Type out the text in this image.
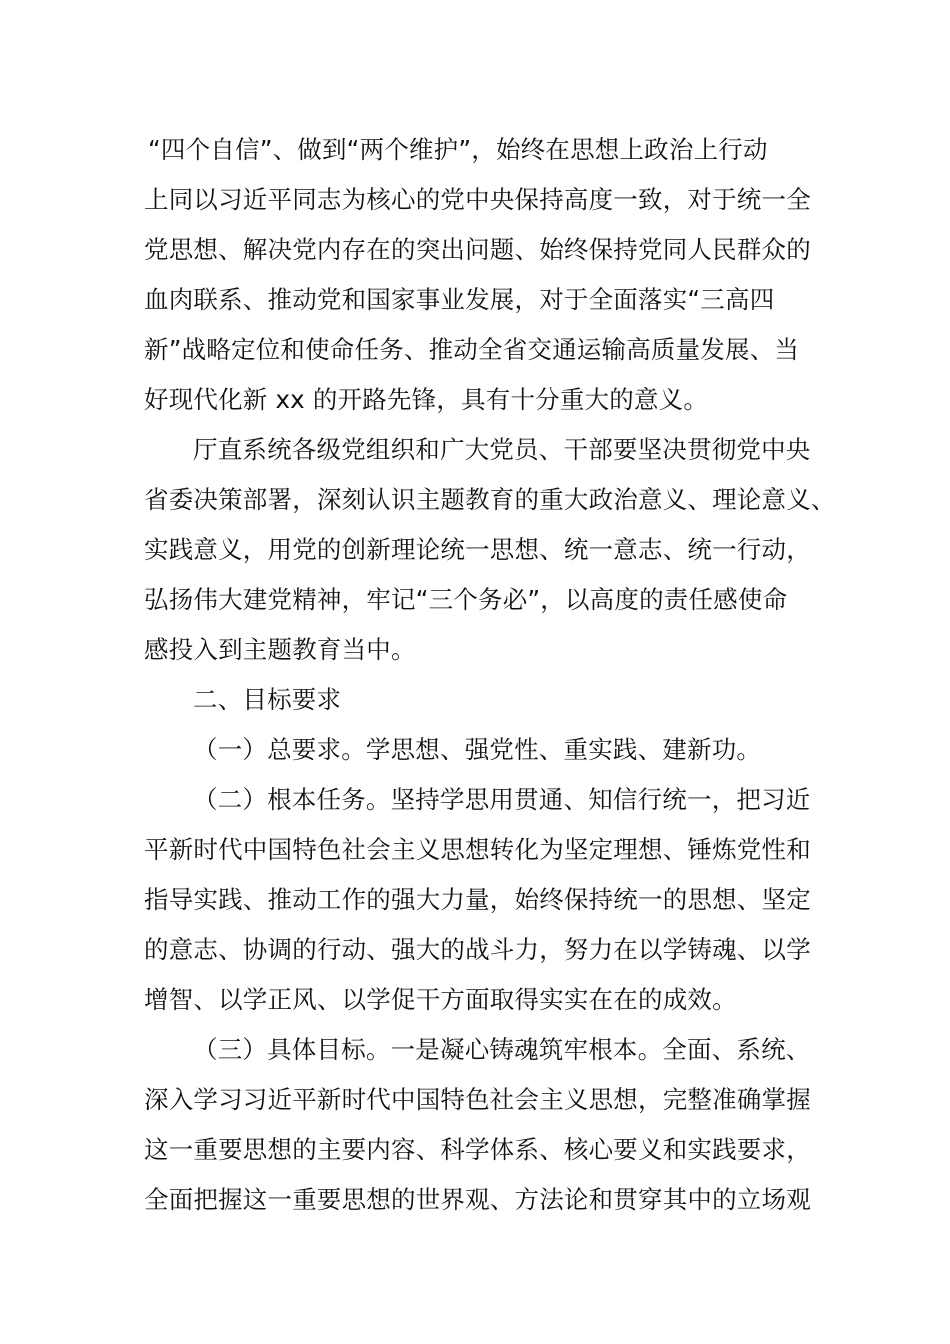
“四个自信”、做到“两个维护”，始终在思想上政治上行动
上同以习近平同志为核心的党中央保持高度一致，对于统一全
党思想、解决党内存在的突出问题、始终保持党同人民群众的
血肉联系、推动党和国家事业发展，对于全面落实“三高四
新”战略定位和使命任务、推动全省交通运输高质量发展、当
好现代化新 xx 的开路先锋，具有十分重大的意义。
厅直系统各级党组织和广大党员、干部要坚决贯彻党中央
省委决策部署，深刻认识主题教育的重大政治意义、理论意义、
实践意义，用党的创新理论统一思想、统一意志、统一行动，
弘扬伟大建党精神，牢记“三个务必”，以高度的责任感使命
感投入到主题教育当中。
二、目标要求
（一）总要求。学思想、强党性、重实践、建新功。
（二）根本任务。坚持学思用贯通、知信行统一，把习近
平新时代中国特色社会主义思想转化为坚定理想、锤炼党性和
指导实践、推动工作的强大力量，始终保持统一的思想、坚定
的意志、协调的行动、强大的战斗力，努力在以学铸魂、以学
增智、以学正风、以学促干方面取得实实在在的成效。
（三）具体目标。一是凝心铸魂筑牢根本。全面、系统、
深入学习习近平新时代中国特色社会主义思想，完整准确掌握
这一重要思想的主要内容、科学体系、核心要义和实践要求，
全面把握这一重要思想的世界观、方法论和贯穿其中的立场观
